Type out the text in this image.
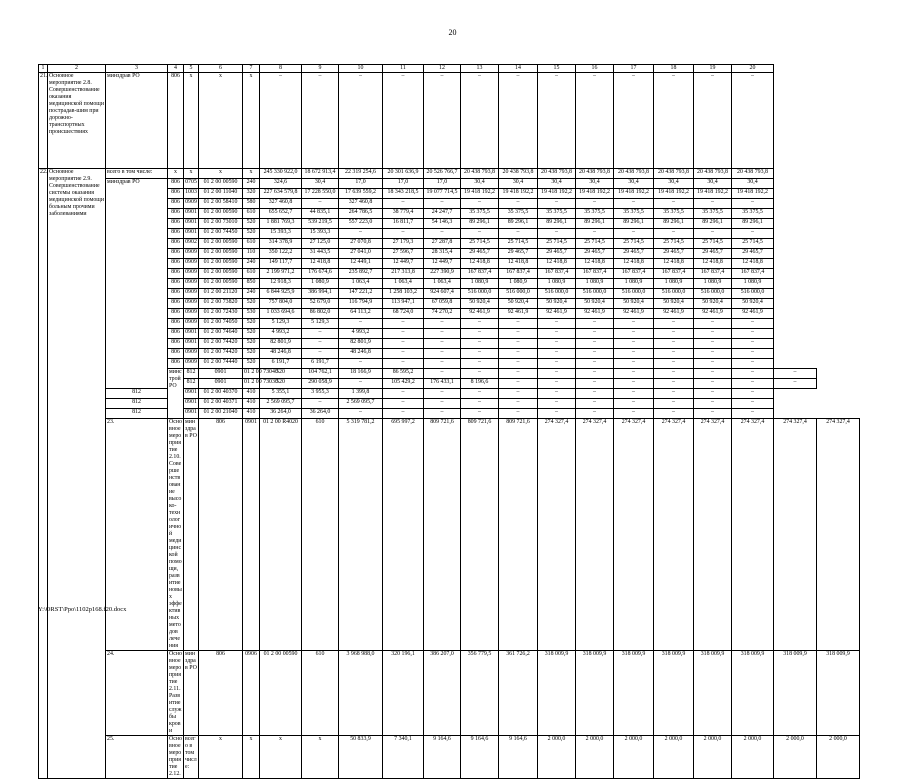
20
1	2	3	4	5	6	7	8	9	10	11	12	13	14	15	16	17	18	19	20		
21.	Основное мероприятие 2.8. Совершенствование оказания медицинской помощи пострадав-шим при дорожно-транспортных происшествиях	минздрав РО	806	x	x	x	–	–	–	–	–	–	–	–	–	–	–	–	–		
22.	Основное мероприятие 2.9. Совершенствование системы оказания медицинской помощи больным прочими заболеваниями	всего в том числе:	x	x	x	x	245 330 922,0	18 672 913,4	22 319 254,6	20 301 636,9	20 526 766,7	20 438 793,8	20 438 793,8	20 438 793,8	20 438 793,8	20 438 793,8	20 438 793,8	20 438 793,8	20 438 793,8		
		минздрав РО	806	0705	01 2 00 00590	240	324,6	30,4	17,0	17,0	17,0	30,4	30,4	30,4	30,4	30,4	30,4	30,4	30,4		
			806	1003	01 2 00 11040	320	227 634 579,8	17 228 550,0	17 639 559,2	18 343 218,5	19 077 714,5	19 418 192,2	19 418 192,2	19 418 192,2	19 418 192,2	19 418 192,2	19 418 192,2	19 418 192,2	19 418 192,2		
			806	0909	01 2 00 58410	580	327 460,8	–	327 460,8	–	–	–	–	–	–	–	–	–	–		
			806	0901	01 2 00 00590	610	655 652,7	44 835,1	264 786,5	38 779,4	24 247,7	35 375,5	35 375,5	35 375,5	35 375,5	35 375,5	35 375,5	35 375,5	35 375,5		
			806	0901	01 2 00 73010	520	1 881 769,3	539 219,5	557 223,0	16 811,7	54 146,3	89 296,1	89 296,1	89 296,1	89 296,1	89 296,1	89 296,1	89 296,1	89 296,1		
			806	0901	01 2 00 74450	520	15 393,3	15 393,3	–	–	–	–	–	–	–	–	–	–	–		
			806	0902	01 2 00 00590	610	314 378,9	27 125,0	27 070,8	27 179,3	27 287,8	25 714,5	25 714,5	25 714,5	25 714,5	25 714,5	25 714,5	25 714,5	25 714,5		
			806	0909	01 2 00 00590	110	350 122,2	31 443,5	27 041,0	27 596,7	28 315,4	29 465,7	29 465,7	29 465,7	29 465,7	29 465,7	29 465,7	29 465,7	29 465,7		
			806	0909	01 2 00 00590	240	149 117,7	12 418,8	12 449,1	12 449,7	12 449,7	12 418,8	12 418,8	12 418,8	12 418,8	12 418,8	12 418,8	12 418,8	12 418,8		
			806	0909	01 2 00 00590	610	2 199 971,2	176 674,6	235 892,7	217 313,8	227 390,9	167 837,4	167 837,4	167 837,4	167 837,4	167 837,4	167 837,4	167 837,4	167 837,4		
			806	0909	01 2 00 00590	850	12 918,3	1 080,9	1 063,4	1 063,4	1 063,4	1 080,9	1 080,9	1 080,9	1 080,9	1 080,9	1 080,9	1 080,9	1 080,9		
			806	0909	01 2 00 21120	240	6 844 925,9	386 994,1	147 221,2	1 258 103,2	924 607,4	516 000,0	516 000,0	516 000,0	516 000,0	516 000,0	516 000,0	516 000,0	516 000,0		
			806	0909	01 2 00 73820	520	757 804,0	52 679,0	116 794,9	113 947,1	67 059,8	50 920,4	50 920,4	50 920,4	50 920,4	50 920,4	50 920,4	50 920,4	50 920,4		
			806	0909	01 2 00 72430	530	1 033 694,6	86 802,0	64 113,2	68 724,0	74 270,2	92 461,9	92 461,9	92 461,9	92 461,9	92 461,9	92 461,9	92 461,9	92 461,9		
			806	0909	01 2 00 74050	520	5 129,3	5 129,3	–	–	–	–	–	–	–	–	–	–	–		
			806	0901	01 2 00 74640	520	4 993,2	–	4 993,2	–	–	–	–	–	–	–	–	–	–		
			806	0901	01 2 00 74420	520	82 801,9	–	82 801,9	–	–	–	–	–	–	–	–	–	–		
			806	0909	01 2 00 74420	520	48 246,8	–	48 246,8	–	–	–	–	–	–	–	–	–	–		
			806	0909	01 2 00 74440	520	6 191,7	6 191,7	–	–	–	–	–	–	–	–	–	–	–		
			минстрой РО	812	0901	01 2 00 73040	520	104 762,1	18 166,9	86 595,2	–	–	–	–	–	–	–	–	–	–	
				812	0901	01 2 00 73030	520	290 058,9	–	105 429,2	176 433,1	8 196,6	–	–	–	–	–	–	–	–	
		812		0901	01 2 00 40370	410	5 355,1	3 955,3	1 399,8	–	–	–	–	–	–	–	–	–	–		
		812		0901	01 2 00 40371	410	2 569 095,7	–	2 569 095,7	–	–	–	–	–	–	–	–	–	–		
		812		0901	01 2 00 21040	410	36 264,0	36 264,0	–	–	–	–	–	–	–	–	–	–	–		
		23.	Основное мероприятие 2.10. Совершенствование высоко-технологичной медицинской помощи, развитие новых эффективных методов лечения	минздрав РО	806	0901	01 2 00 R4020	610	5 319 781,2	695 997,2	809 721,6	809 721,6	809 721,6	274 327,4	274 327,4	274 327,4	274 327,4	274 327,4	274 327,4	274 327,4	274 327,4
		24.	Основное мероприятие 2.11. Развитие службы крови	минздрав РО	806	0906	01 2 00 00590	610	3 968 988,0	320 196,1	386 207,0	356 779,5	361 726,2	318 009,9	318 009,9	318 009,9	318 009,9	318 009,9	318 009,9	318 009,9	318 009,9
		25.	Основное мероприятие 2.12.	всего в том числе:	x	x	x	x	50 833,9	7 340,1	9 164,6	9 164,6	9 164,6	2 000,0	2 000,0	2 000,0	2 000,0	2 000,0	2 000,0	2 000,0	2 000,0
Y:\ORST\Ppo\1102p168.f20.docx
